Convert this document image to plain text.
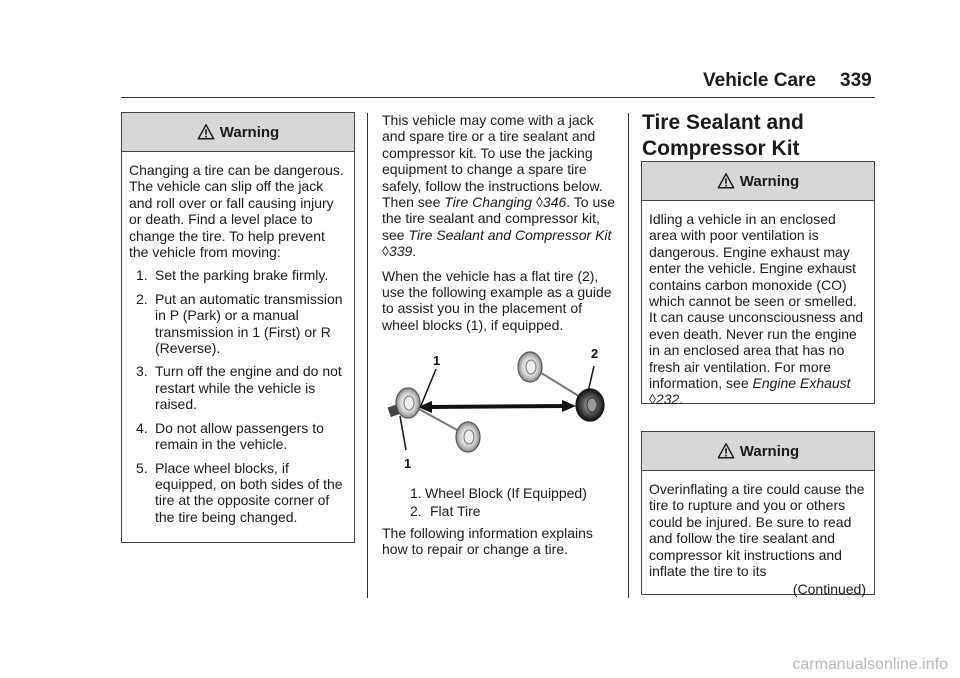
Vehicle Care 339
Warning

Changing a tire can be dangerous. The vehicle can slip off the jack and roll over or fall causing injury or death. Find a level place to change the tire. To help prevent the vehicle from moving:

1. Set the parking brake firmly.
2. Put an automatic transmission in P (Park) or a manual transmission in 1 (First) or R (Reverse).
3. Turn off the engine and do not restart while the vehicle is raised.
4. Do not allow passengers to remain in the vehicle.
5. Place wheel blocks, if equipped, on both sides of the tire at the opposite corner of the tire being changed.

This vehicle may come with a jack and spare tire or a tire sealant and compressor kit. To use the jacking equipment to change a spare tire safely, follow the instructions below. Then see Tire Changing ◊346. To use the tire sealant and compressor kit, see Tire Sealant and Compressor Kit ◊339.

When the vehicle has a flat tire (2), use the following example as a guide to assist you in the placement of wheel blocks (1), if equipped.

1	2
1
1. Wheel Block (If Equipped)
2. Flat Tire
The following information explains how to repair or change a tire.
Tire Sealant and
Compressor Kit
Warning
Idling a vehicle in an enclosed area with poor ventilation is dangerous. Engine exhaust may enter the vehicle. Engine exhaust contains carbon monoxide (CO) which cannot be seen or smelled. It can cause unconsciousness and even death. Never run the engine in an enclosed area that has no fresh air ventilation. For more information, see Engine Exhaust ◊232.
Warning
Overinflating a tire could cause the tire to rupture and you or others could be injured. Be sure to read and follow the tire sealant and compressor kit instructions and inflate the tire to its
(Continued)
carmanualsonline.info
